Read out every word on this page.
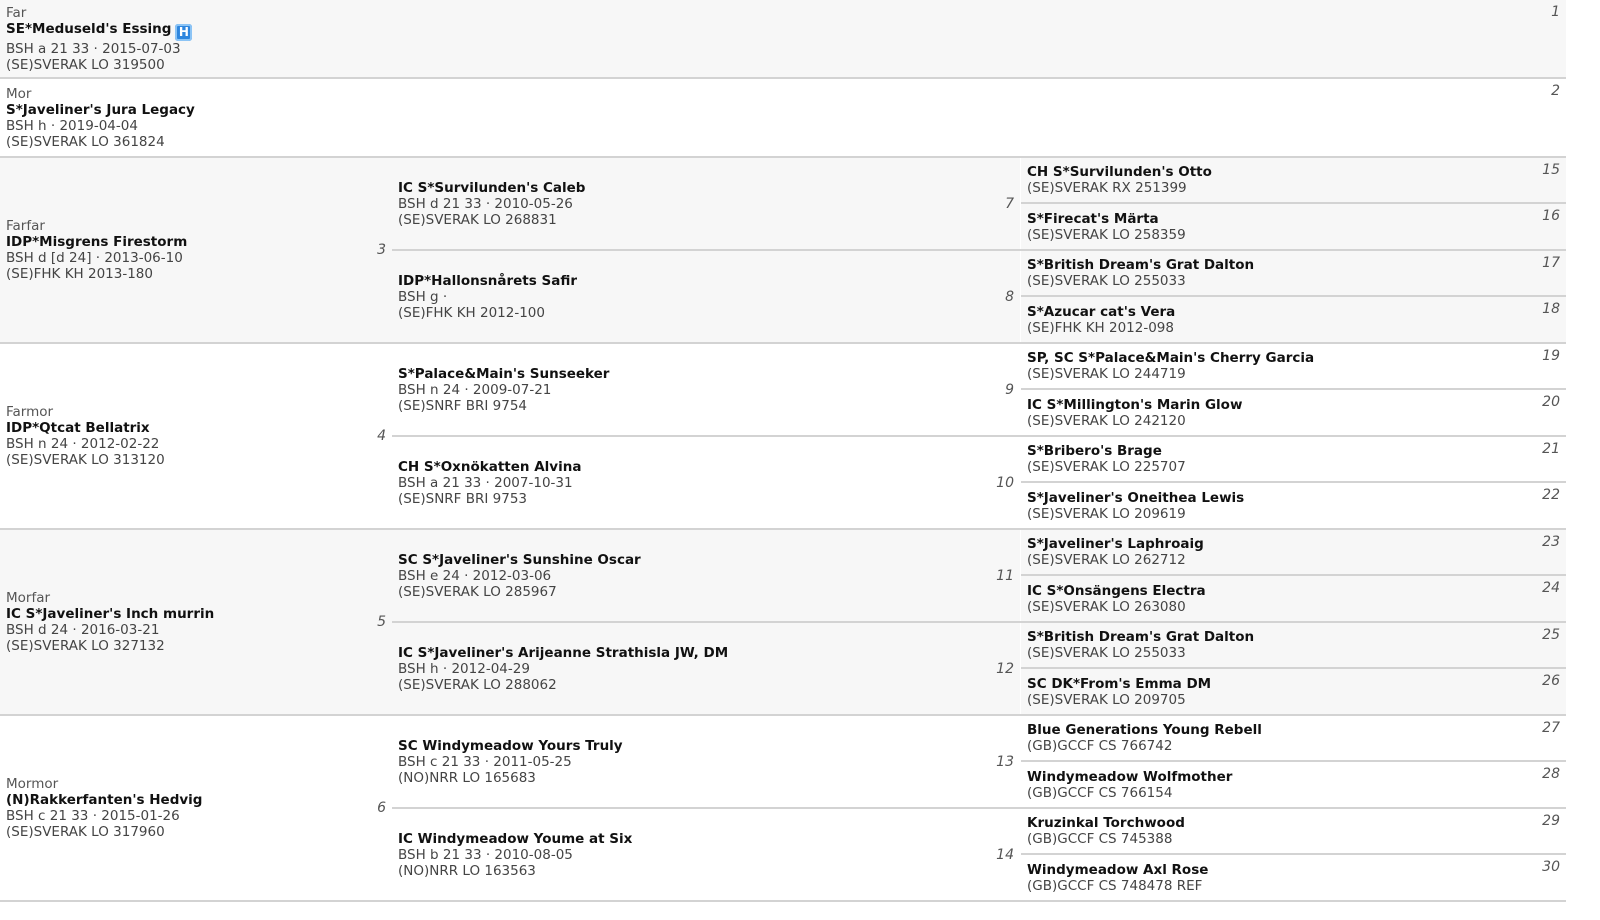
Far
SE*Meduseld's Essing H
BSH a 21 33 · 2015-07-03
(SE)SVERAK LO 319500
1
Mor
S*Javeliner's Jura Legacy
BSH h · 2019-04-04
(SE)SVERAK LO 361824
2
Farfar
IDP*Misgrens Firestorm
BSH d [d 24] · 2013-06-10
(SE)FHK KH 2013-180
3
Farmor
IDP*Qtcat Bellatrix
BSH n 24 · 2012-02-22
(SE)SVERAK LO 313120
4
Morfar
IC S*Javeliner's Inch murrin
BSH d 24 · 2016-03-21
(SE)SVERAK LO 327132
5
Mormor
(N)Rakkerfanten's Hedvig
BSH c 21 33 · 2015-01-26
(SE)SVERAK LO 317960
6
IC S*Survilunden's Caleb
BSH d 21 33 · 2010-05-26
(SE)SVERAK LO 268831
7
IDP*Hallonsnårets Safir
BSH g ·
(SE)FHK KH 2012-100
8
S*Palace&Main's Sunseeker
BSH n 24 · 2009-07-21
(SE)SNRF BRI 9754
9
CH S*Oxnökatten Alvina
BSH a 21 33 · 2007-10-31
(SE)SNRF BRI 9753
10
SC S*Javeliner's Sunshine Oscar
BSH e 24 · 2012-03-06
(SE)SVERAK LO 285967
11
IC S*Javeliner's Arijeanne Strathisla JW, DM
BSH h · 2012-04-29
(SE)SVERAK LO 288062
12
SC Windymeadow Yours Truly
BSH c 21 33 · 2011-05-25
(NO)NRR LO 165683
13
IC Windymeadow Youme at Six
BSH b 21 33 · 2010-08-05
(NO)NRR LO 163563
14
CH S*Survilunden's Otto
(SE)SVERAK RX 251399
15
S*Firecat's Märta
(SE)SVERAK LO 258359
16
S*British Dream's Grat Dalton
(SE)SVERAK LO 255033
17
S*Azucar cat's Vera
(SE)FHK KH 2012-098
18
SP, SC S*Palace&Main's Cherry Garcia
(SE)SVERAK LO 244719
19
IC S*Millington's Marin Glow
(SE)SVERAK LO 242120
20
S*Bribero's Brage
(SE)SVERAK LO 225707
21
S*Javeliner's Oneithea Lewis
(SE)SVERAK LO 209619
22
S*Javeliner's Laphroaig
(SE)SVERAK LO 262712
23
IC S*Onsängens Electra
(SE)SVERAK LO 263080
24
S*British Dream's Grat Dalton
(SE)SVERAK LO 255033
25
SC DK*From's Emma DM
(SE)SVERAK LO 209705
26
Blue Generations Young Rebell
(GB)GCCF CS 766742
27
Windymeadow Wolfmother
(GB)GCCF CS 766154
28
Kruzinkal Torchwood
(GB)GCCF CS 745388
29
Windymeadow Axl Rose
(GB)GCCF CS 748478 REF
30
